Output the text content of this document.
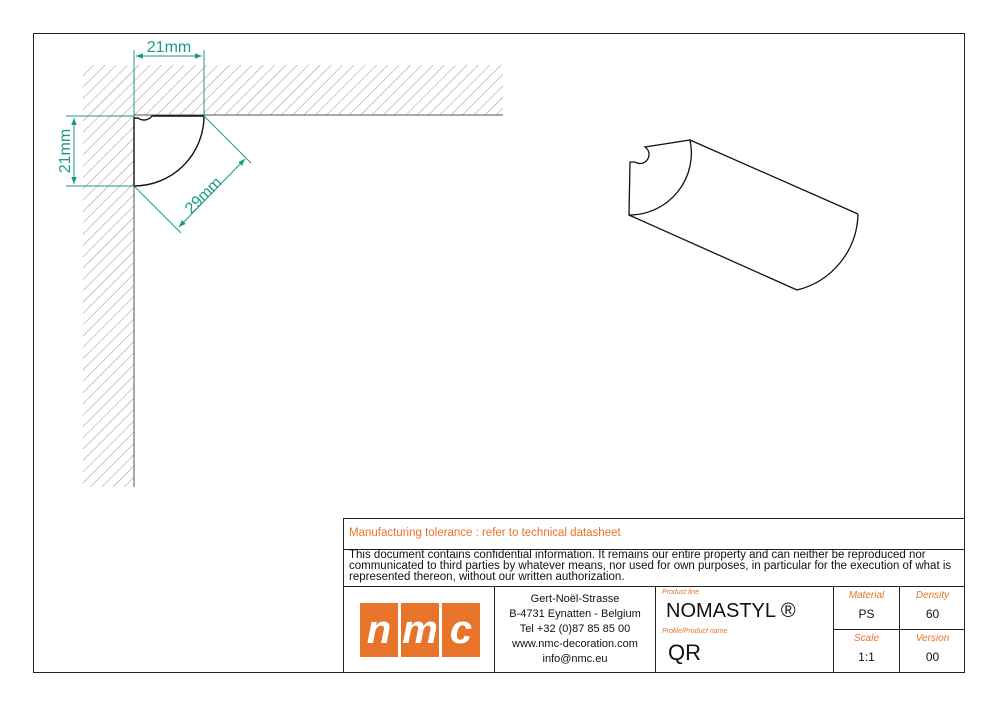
21mm
21mm
29mm
Manufacturing tolerance : refer to technical datasheet
This document contains confidential information. It remains our entire property and can neither be reproduced nor communicated to third parties by whatever means, nor used for own purposes, in particular for the execution of what is represented thereon, without our written authorization.
n m c
Gert-Noël-Strasse
B-4731 Eynatten - Belgium
Tel +32 (0)87 85 85 00
www.nmc-decoration.com
info@nmc.eu
Product line
NOMASTYL ®
Profile/Product name
QR
Material
PS
Density
60
Scale
1:1
Version
00
